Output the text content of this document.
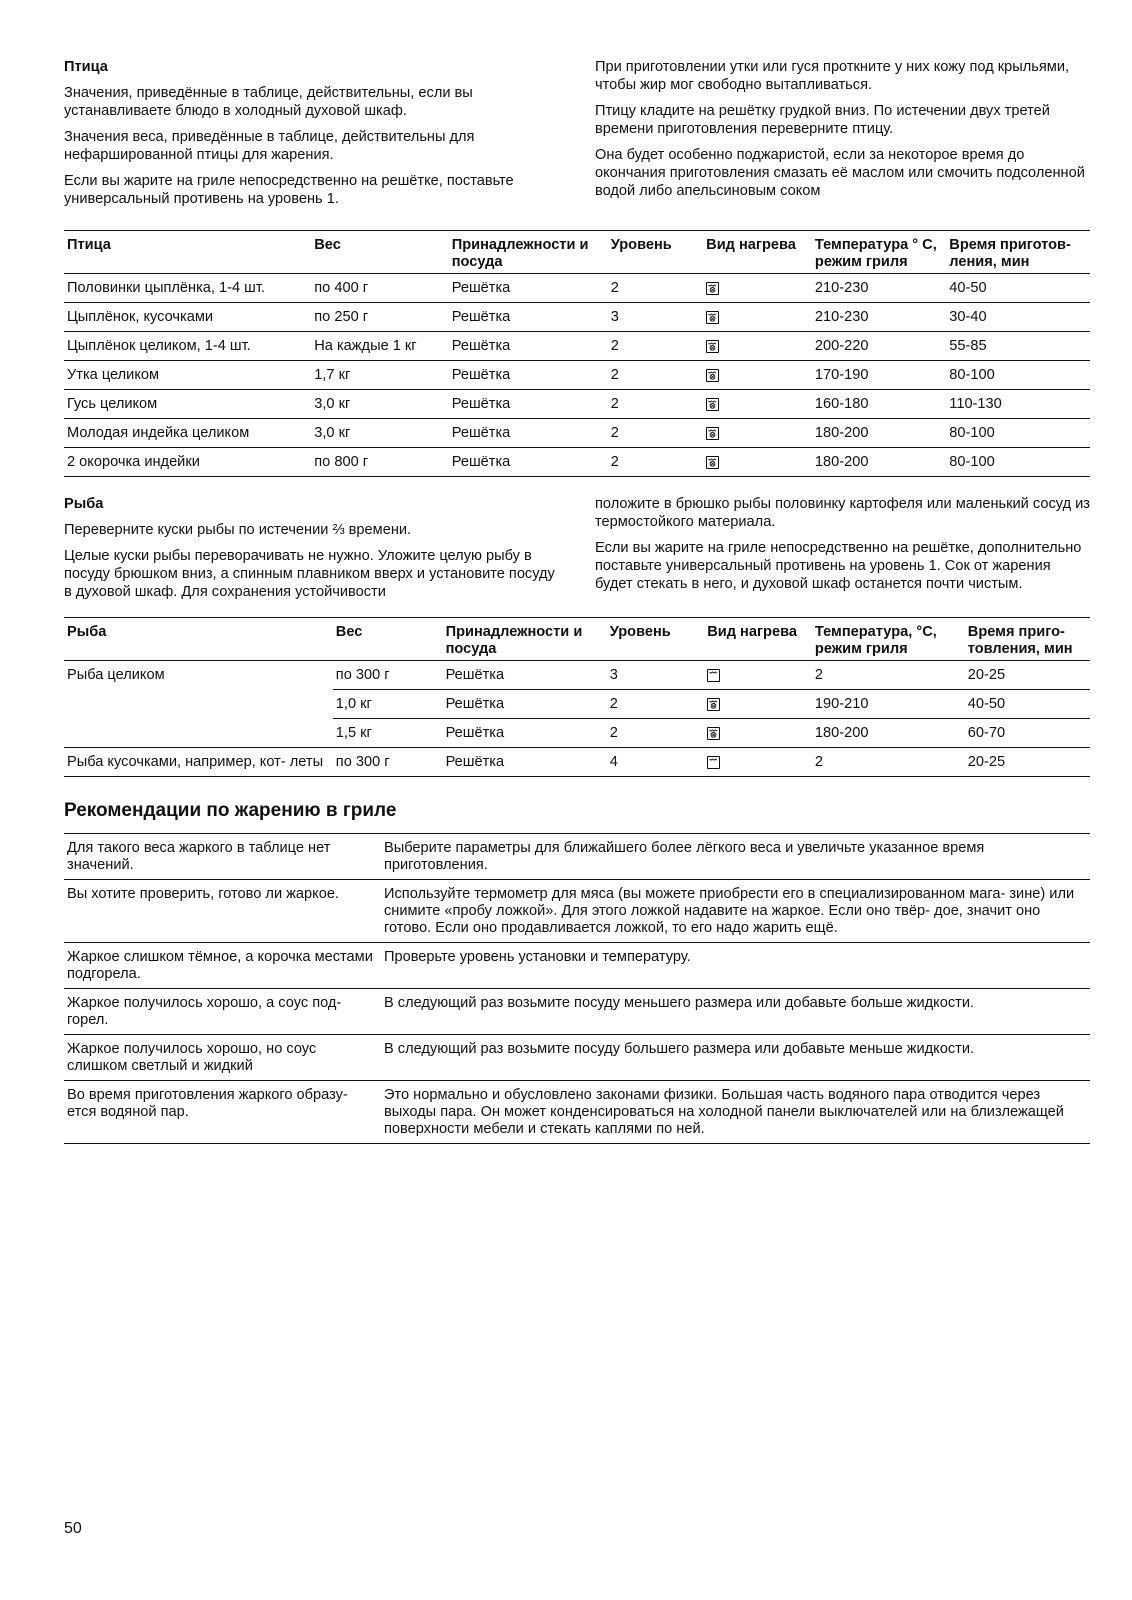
Птица

Значения, приведённые в таблице, действительны, если вы устанавливаете блюдо в холодный духовой шкаф.

Значения веса, приведённые в таблице, действительны для нефаршированной птицы для жарения.

Если вы жарите на гриле непосредственно на решётке, поставьте универсальный противень на уровень 1.

При приготовлении утки или гуся проткните у них кожу под крыльями, чтобы жир мог свободно вытапливаться.

Птицу кладите на решётку грудкой вниз. По истечении двух третей времени приготовления переверните птицу.

Она будет особенно поджаристой, если за некоторое время до окончания приготовления смазать её маслом или смочить подсоленной водой либо апельсиновым соком

Птица	Вес	Принадлежности и посуда	Уровень	Вид нагрева	Температура ° С, режим гриля	Время приготов- ления, мин
Половинки цыплёнка, 1-4 шт.	по 400 г	Решётка	2		210-230	40-50
Цыплёнок, кусочками	по 250 г	Решётка	3		210-230	30-40
Цыплёнок целиком, 1-4 шт.	На каждые 1 кг	Решётка	2		200-220	55-85
Утка целиком	1,7 кг	Решётка	2		170-190	80-100
Гусь целиком	3,0 кг	Решётка	2		160-180	110-130
Молодая индейка целиком	3,0 кг	Решётка	2		180-200	80-100
2 окорочка индейки	по 800 г	Решётка	2		180-200	80-100
Рыба

Переверните куски рыбы по истечении ⅔ времени.

Целые куски рыбы переворачивать не нужно. Уложите целую рыбу в посуду брюшком вниз, а спинным плавником вверх и установите посуду в духовой шкаф. Для сохранения устойчивости

положите в брюшко рыбы половинку картофеля или маленький сосуд из термостойкого материала.

Если вы жарите на гриле непосредственно на решётке, дополнительно поставьте универсальный противень на уровень 1. Сок от жарения будет стекать в него, и духовой шкаф останется почти чистым.

Рыба	Вес	Принадлежности и посуда	Уровень	Вид нагрева	Температура, °С, режим гриля	Время приго- товления, мин
Рыба целиком	по 300 г	Решётка	3		2	20-25
	1,0 кг	Решётка	2		190-210	40-50
	1,5 кг	Решётка	2		180-200	60-70
Рыба кусочками, например, кот- леты	по 300 г	Решётка	4		2	20-25
Рекомендации по жарению в гриле
Для такого веса жаркого в таблице нет значений.	Выберите параметры для ближайшего более лёгкого веса и увеличьте указанное время приготовления.
Вы хотите проверить, готово ли жаркое.	Используйте термометр для мяса (вы можете приобрести его в специализированном мага- зине) или снимите «пробу ложкой». Для этого ложкой надавите на жаркое. Если оно твёр- дое, значит оно готово. Если оно продавливается ложкой, то его надо жарить ещё.
Жаркое слишком тёмное, а корочка местами подгорела.	Проверьте уровень установки и температуру.
Жаркое получилось хорошо, а соус под- горел.	В следующий раз возьмите посуду меньшего размера или добавьте больше жидкости.
Жаркое получилось хорошо, но соус слишком светлый и жидкий	В следующий раз возьмите посуду большего размера или добавьте меньше жидкости.
Во время приготовления жаркого образу- ется водяной пар.	Это нормально и обусловлено законами физики. Большая часть водяного пара отводится через выходы пара. Он может конденсироваться на холодной панели выключателей или на близлежащей поверхности мебели и стекать каплями по ней.
50
